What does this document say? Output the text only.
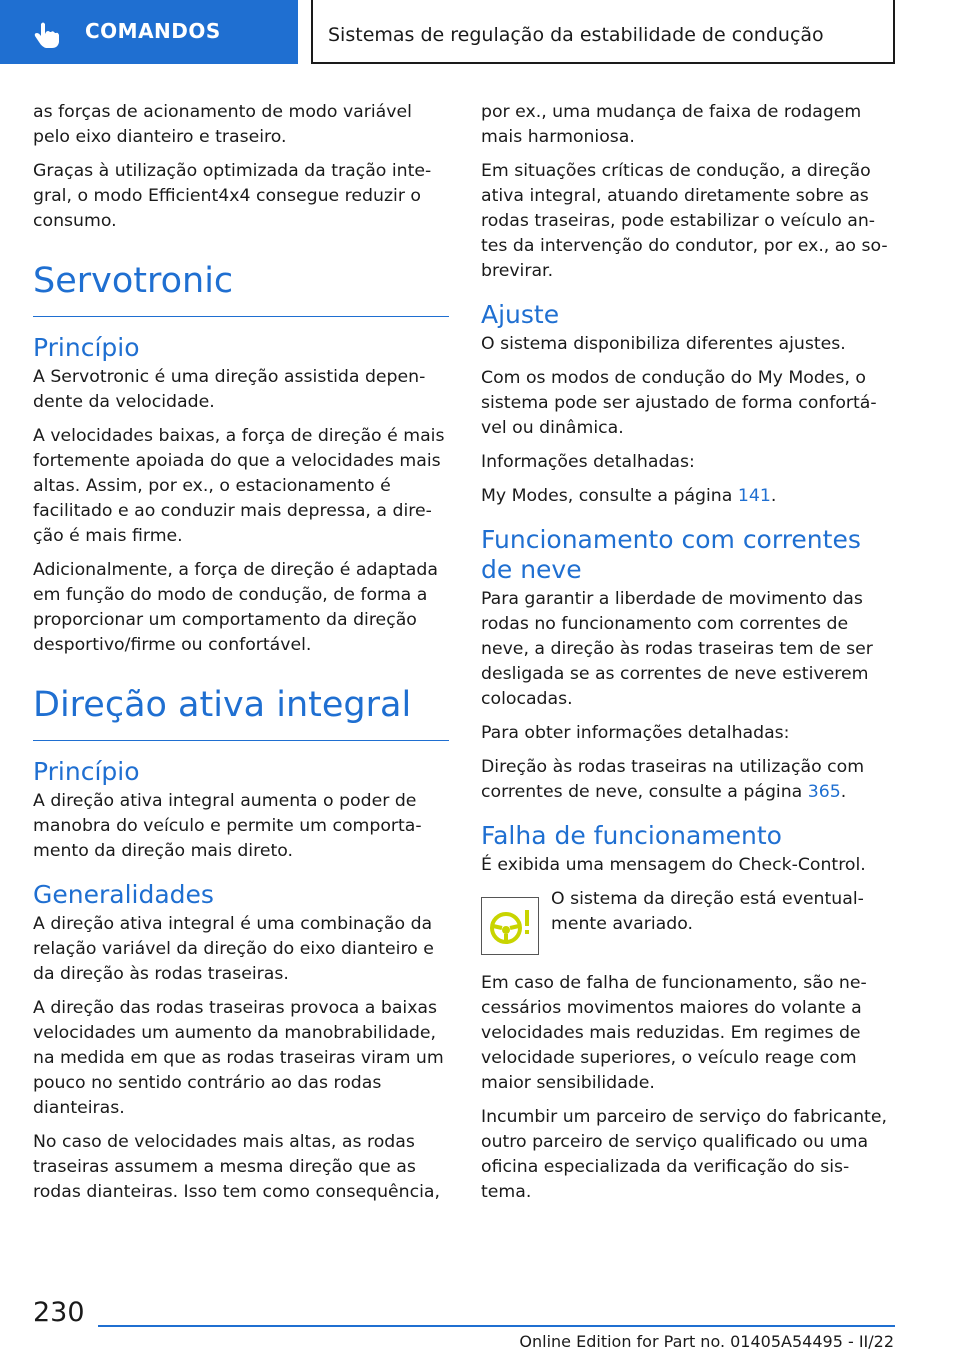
COMANDOS	Sistemas de regulação da estabilidade de condução

as forças de acionamento de modo variável pelo eixo dianteiro e traseiro.

Graças à utilização optimizada da tração inte-gral, o modo Efficient4x4 consegue reduzir o consumo.

Servotronic
Princípio

A Servotronic é uma direção assistida depen-dente da velocidade.

A velocidades baixas, a força de direção é mais fortemente apoiada do que a velocidades mais altas. Assim, por ex., o estacionamento é facilitado e ao conduzir mais depressa, a dire-ção é mais firme.

Adicionalmente, a força de direção é adaptada em função do modo de condução, de forma a proporcionar um comportamento da direção desportivo/firme ou confortável.

Direção ativa integral
Princípio

A direção ativa integral aumenta o poder de manobra do veículo e permite um comporta-mento da direção mais direto.

Generalidades

A direção ativa integral é uma combinação da relação variável da direção do eixo dianteiro e da direção às rodas traseiras.

A direção das rodas traseiras provoca a baixas velocidades um aumento da manobrabilidade, na medida em que as rodas traseiras viram um pouco no sentido contrário ao das rodas dianteiras.

No caso de velocidades mais altas, as rodas traseiras assumem a mesma direção que as rodas dianteiras. Isso tem como consequência,

por ex., uma mudança de faixa de rodagem mais harmoniosa.

Em situações críticas de condução, a direção ativa integral, atuando diretamente sobre as rodas traseiras, pode estabilizar o veículo an-tes da intervenção do condutor, por ex., ao so-brevirar.

Ajuste

O sistema disponibiliza diferentes ajustes.

Com os modos de condução do My Modes, o sistema pode ser ajustado de forma confortá-vel ou dinâmica.

Informações detalhadas:

My Modes, consulte a página 141.

Funcionamento com correntes de neve

Para garantir a liberdade de movimento das rodas no funcionamento com correntes de neve, a direção às rodas traseiras tem de ser desligada se as correntes de neve estiverem colocadas.

Para obter informações detalhadas:

Direção às rodas traseiras na utilização com correntes de neve, consulte a página 365.

Falha de funcionamento

É exibida uma mensagem do Check-Control.

O sistema da direção está eventual-mente avariado.

Em caso de falha de funcionamento, são ne-cessários movimentos maiores do volante a velocidades mais reduzidas. Em regimes de velocidade superiores, o veículo reage com maior sensibilidade.

Incumbir um parceiro de serviço do fabricante, outro parceiro de serviço qualificado ou uma oficina especializada da verificação do sis-tema.

230
Online Edition for Part no. 01405A54495 - II/22
